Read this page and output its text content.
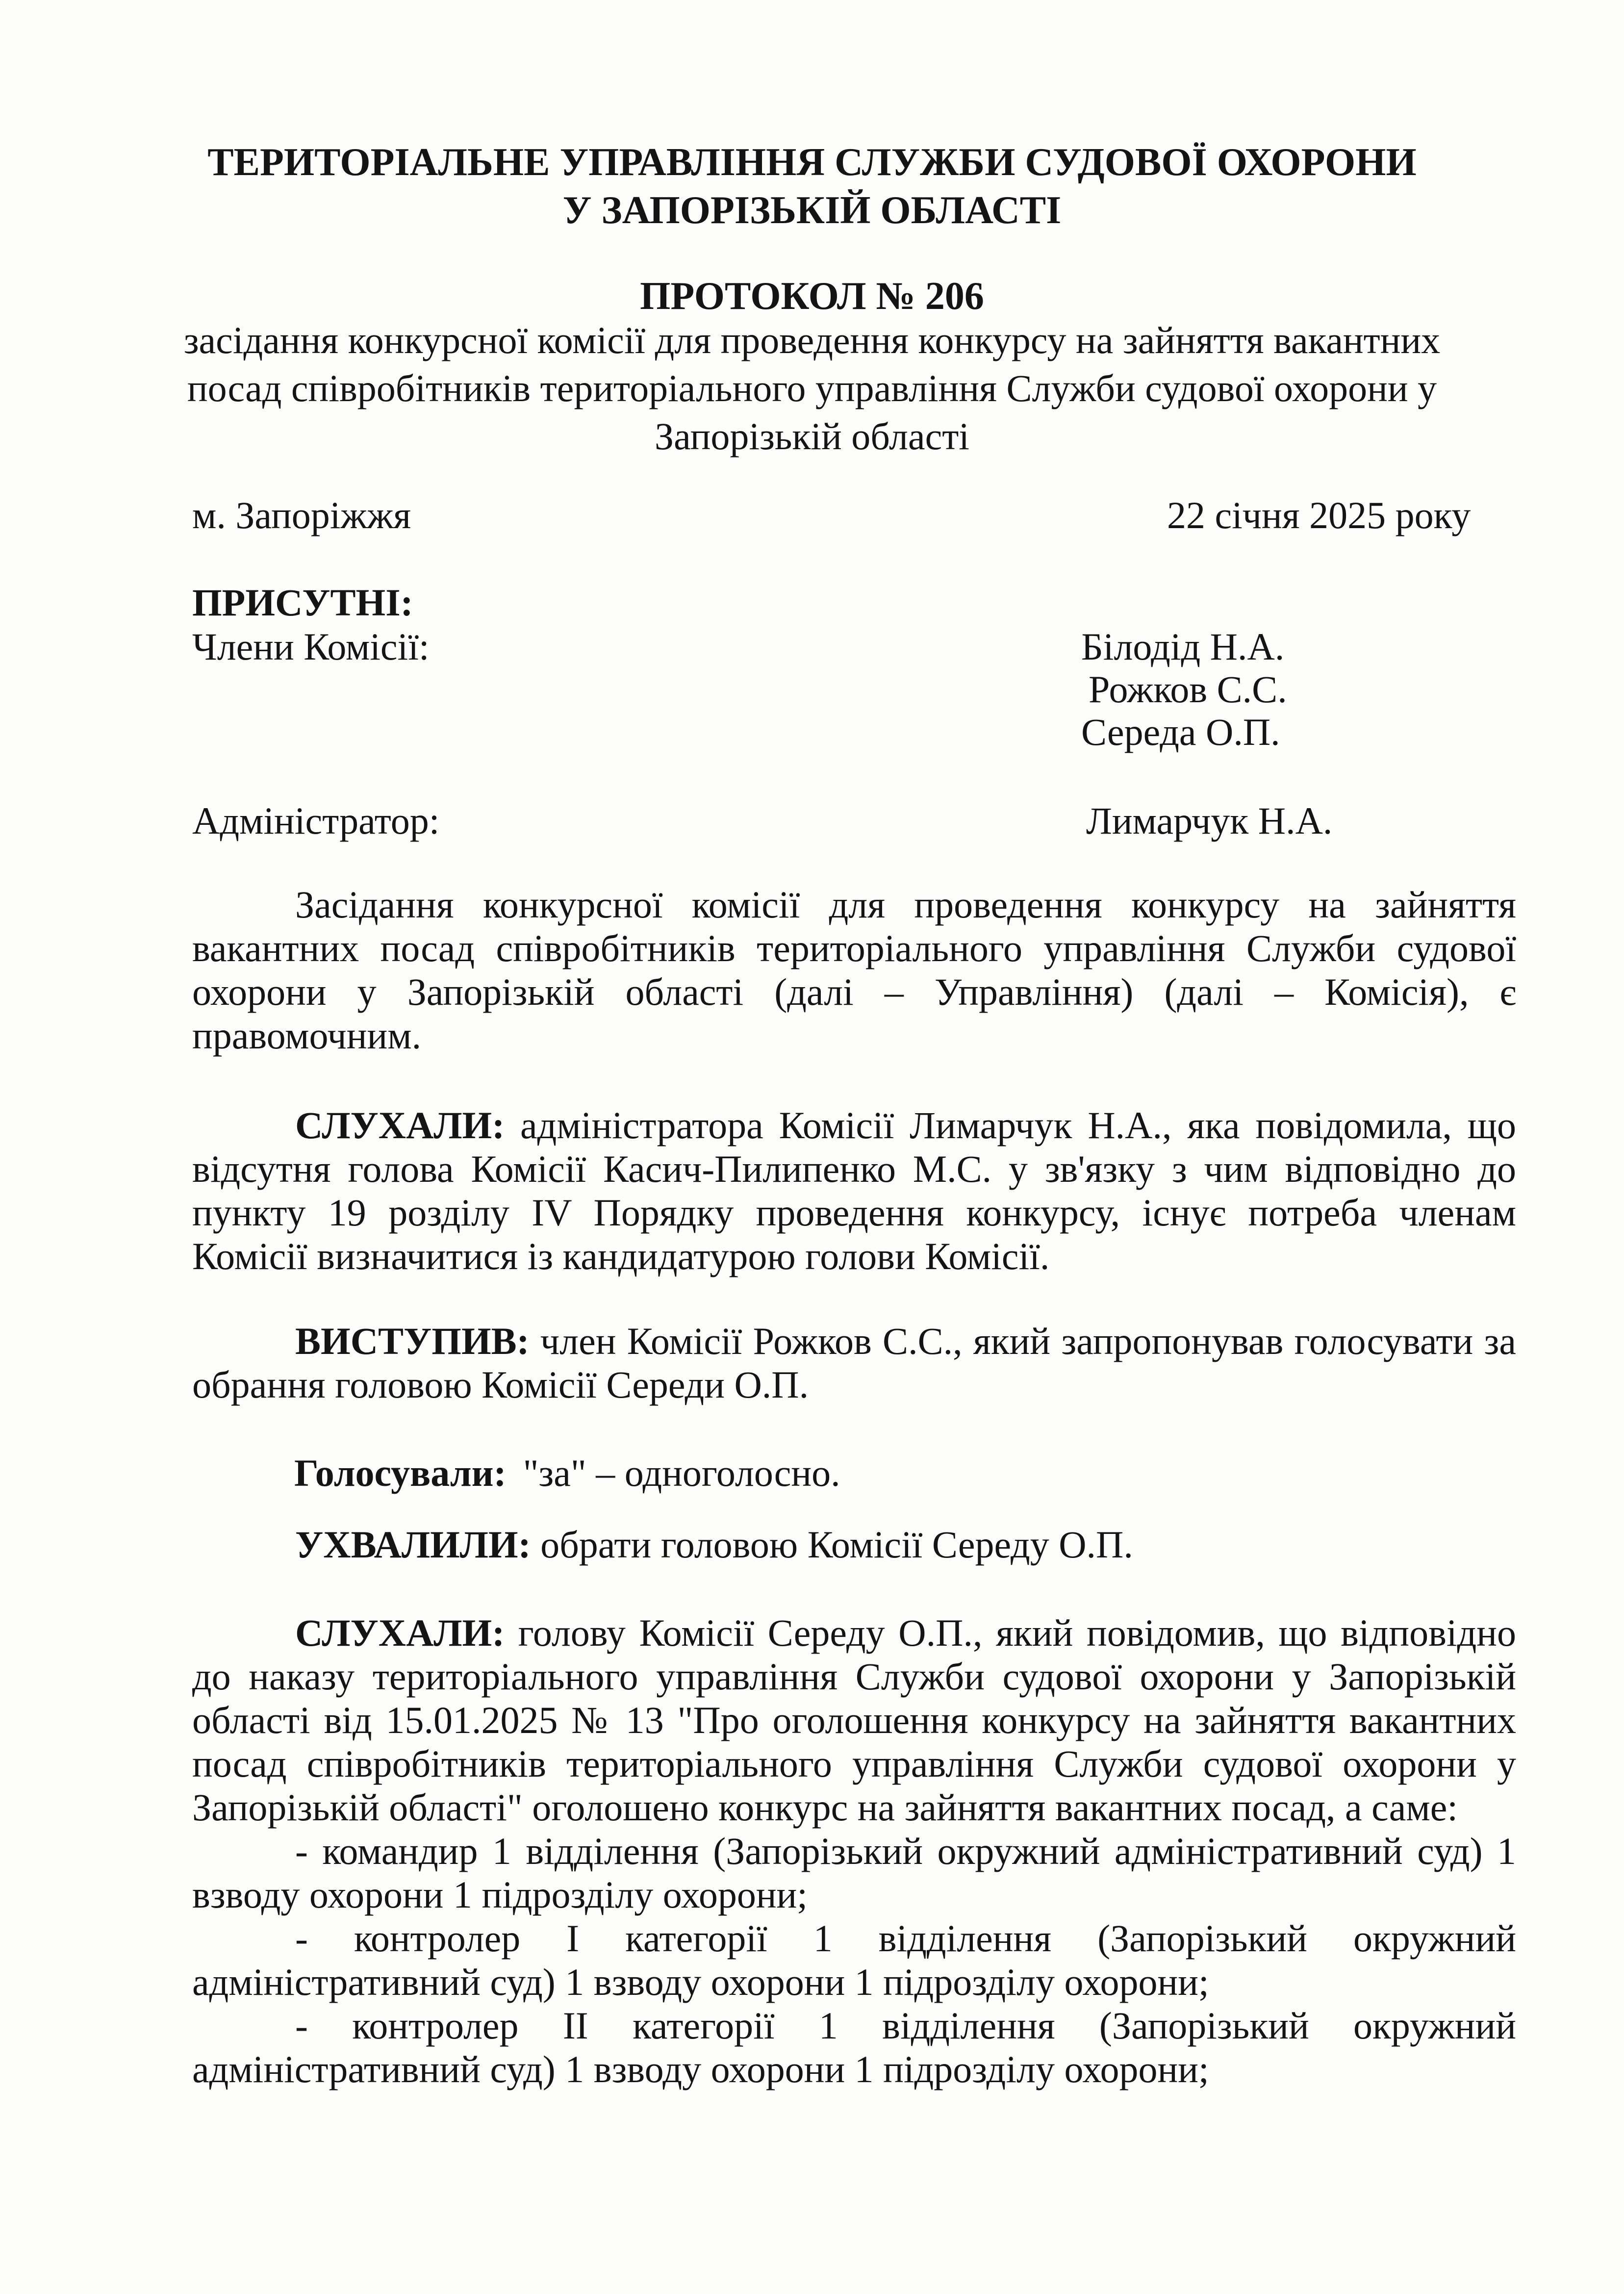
ТЕРИТОРІАЛЬНЕ УПРАВЛІННЯ СЛУЖБИ СУДОВОЇ ОХОРОНИ
У ЗАПОРІЗЬКІЙ ОБЛАСТІ
ПРОТОКОЛ № 206
засідання конкурсної комісії для проведення конкурсу на зайняття вакантних
посад співробітників територіального управління Служби судової охорони у
Запорізькій області
м. Запоріжжя	22 січня 2025 року
ПРИСУТНІ:
Члени Комісії:	Білодід Н.А.
Рожков С.С.
Середа О.П.
Адміністратор:	Лимарчук Н.А.
Засідання конкурсної комісії для проведення конкурсу на зайняття вакантних посад співробітників територіального управління Служби судової охорони у Запорізькій області (далі – Управління) (далі – Комісія), є правомочним.
СЛУХАЛИ: адміністратора Комісії Лимарчук Н.А., яка повідомила, що відсутня голова Комісії Касич-Пилипенко М.С. у зв'язку з чим відповідно до пункту 19 розділу IV Порядку проведення конкурсу, існує потреба членам Комісії визначитися із кандидатурою голови Комісії.
ВИСТУПИВ: член Комісії Рожков С.С., який запропонував голосувати за обрання головою Комісії Середи О.П.
Голосували: "за" – одноголосно.
УХВАЛИЛИ: обрати головою Комісії Середу О.П.
СЛУХАЛИ: голову Комісії Середу О.П., який повідомив, що відповідно до наказу територіального управління Служби судової охорони у Запорізькій області від 15.01.2025 № 13 "Про оголошення конкурсу на зайняття вакантних посад співробітників територіального управління Служби судової охорони у Запорізькій області" оголошено конкурс на зайняття вакантних посад, а саме:

- командир 1 відділення (Запорізький окружний адміністративний суд) 1 взводу охорони 1 підрозділу охорони;

- контролер І категорії 1 відділення (Запорізький окружний адміністративний суд) 1 взводу охорони 1 підрозділу охорони;

- контролер ІІ категорії 1 відділення (Запорізький окружний адміністративний суд) 1 взводу охорони 1 підрозділу охорони;
